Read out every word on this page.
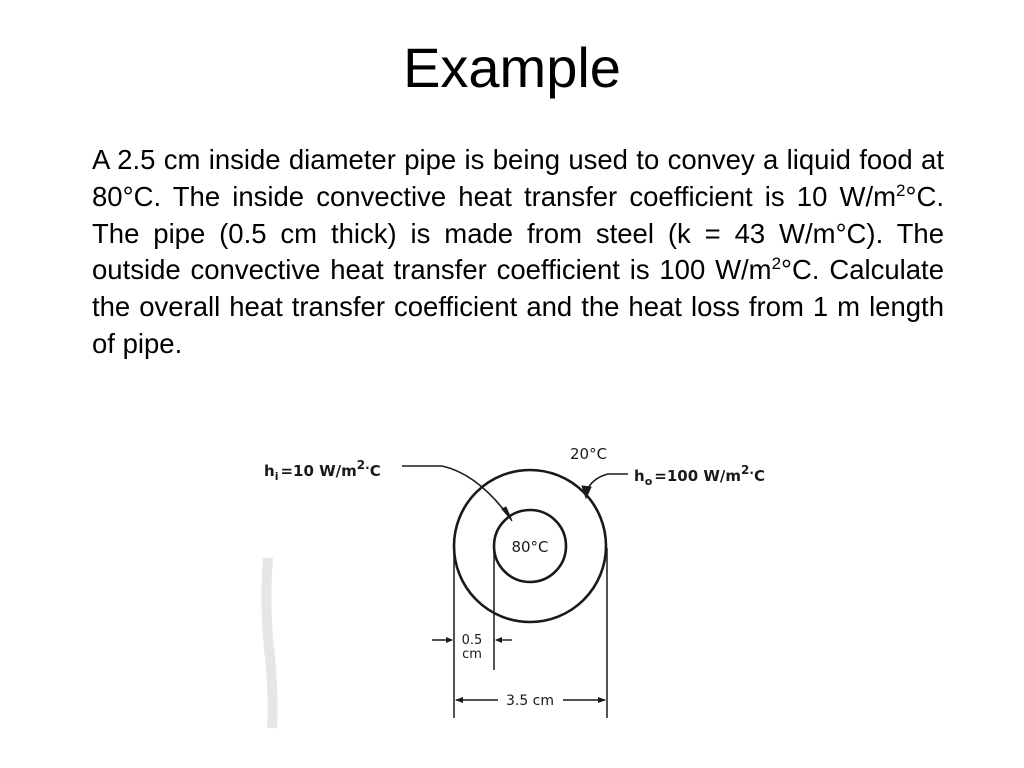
Example
A 2.5 cm inside diameter pipe is being used to convey a liquid food at 80°C. The inside convective heat transfer coefficient is 10 $W/m^2^\circ C$. The pipe (0.5 cm thick) is made from steel (k = 43 W/m°C). The outside convective heat transfer coefficient is 100 $W/m^2^\circ C$. Calculate the overall heat transfer coefficient and the heat loss from 1 m length of pipe.
$h_i =10$ $W/m^{2.}C$
20°C
$h_o =100$ $W/m^{2.}C$
80°C
0.5
cm
3.5 cm
